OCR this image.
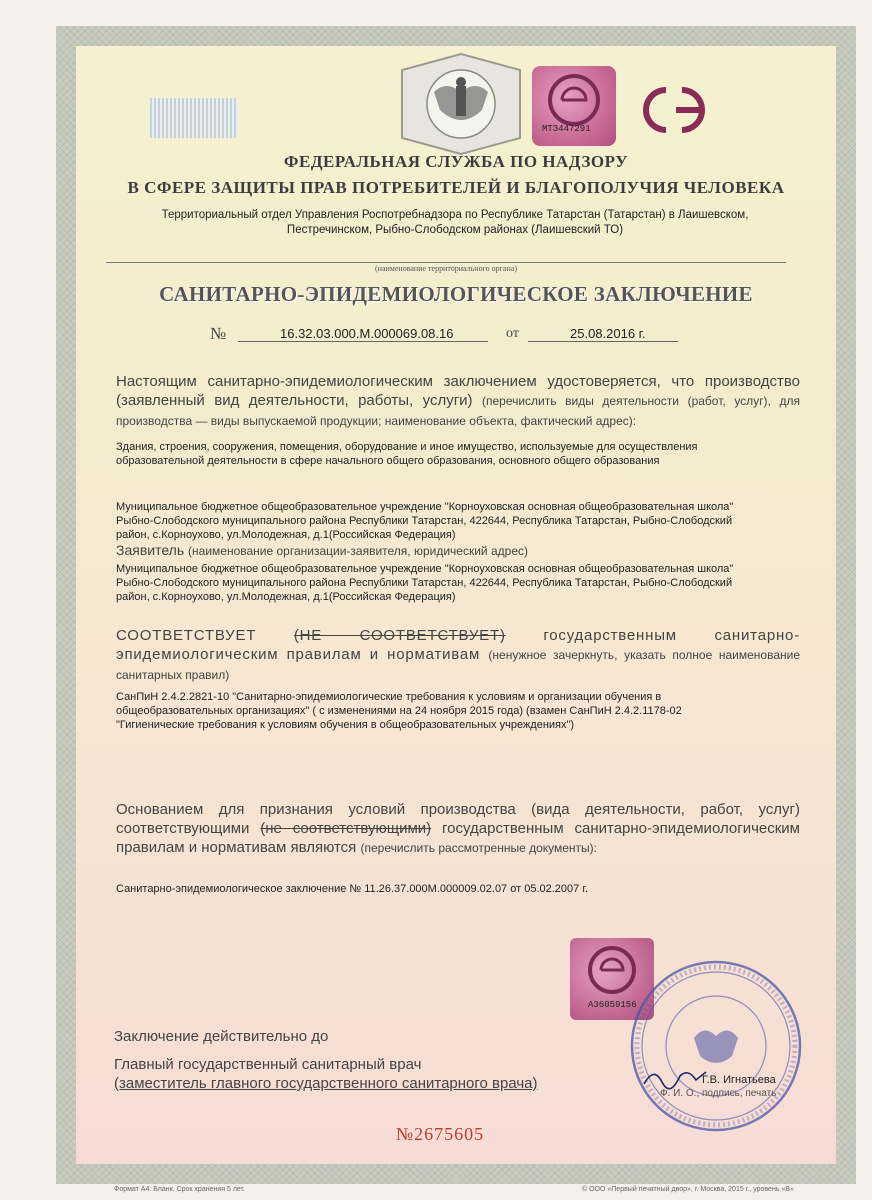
МТЗ447291
ФЕДЕРАЛЬНАЯ СЛУЖБА ПО НАДЗОРУ
В СФЕРЕ ЗАЩИТЫ ПРАВ ПОТРЕБИТЕЛЕЙ И БЛАГОПОЛУЧИЯ ЧЕЛОВЕКА
Территориальный отдел Управления Роспотребнадзора по Республике Татарстан (Татарстан) в Лаишевском,
Пестречинском, Рыбно-Слободском районах (Лаишевский ТО)
(наименование территориального органа)
САНИТАРНО-ЭПИДЕМИОЛОГИЧЕСКОЕ ЗАКЛЮЧЕНИЕ
№	16.32.03.000.М.000069.08.16	от	25.08.2016 г.
Настоящим санитарно-эпидемиологическим заключением удостоверяется, что производство (заявленный вид деятельности, работы, услуги) (перечислить виды деятельности (работ, услуг), для производства — виды выпускаемой продукции; наименование объекта, фактический адрес):
Здания, строения, сооружения, помещения, оборудование и иное имущество, используемые для осуществления
образовательной деятельности в сфере начального общего образования, основного общего образования
Муниципальное бюджетное общеобразовательное учреждение "Корноуховская основная общеобразовательная школа"
Рыбно-Слободского муниципального района Республики Татарстан, 422644, Республика Татарстан, Рыбно-Слободский
район, с.Корноухово, ул.Молодежная, д.1(Российская Федерация)
Заявитель (наименование организации-заявителя, юридический адрес)
Муниципальное бюджетное общеобразовательное учреждение "Корноуховская основная общеобразовательная школа"
Рыбно-Слободского муниципального района Республики Татарстан, 422644, Республика Татарстан, Рыбно-Слободский
район, с.Корноухово, ул.Молодежная, д.1(Российская Федерация)
СООТВЕТСТВУЕТ	(НЕ СООТВЕТСТВУЕТ)	государственным санитарно-эпидемиологическим правилам и нормативам (ненужное зачеркнуть, указать полное наименование санитарных правил)
СанПиН 2.4.2.2821-10 "Санитарно-эпидемиологические требования к условиям и организации обучения в
общеобразовательных организациях" ( с изменениями на 24 ноября 2015 года) (взамен СанПиН 2.4.2.1178-02
"Гигиенические требования к условиям обучения в общеобразовательных учреждениях")
Основанием для признания условий производства (вида деятельности, работ, услуг) соответствующими (не соответствующими) государственным санитарно-эпидемиологическим правилам и нормативам являются (перечислить рассмотренные документы):
Санитарно-эпидемиологическое заключение № 11.26.37.000М.000009.02.07 от 05.02.2007 г.
А36059156
Заключение действительно до
Главный государственный санитарный врач
(заместитель главного государственного санитарного врача)	Г.В. Игнатьева
Ф. И. О., подпись, печать
№2675605
Формат А4. Бланк. Срок хранения 5 лет.	© ООО «Первый печатный двор», г. Москва, 2015 г., уровень «В»
